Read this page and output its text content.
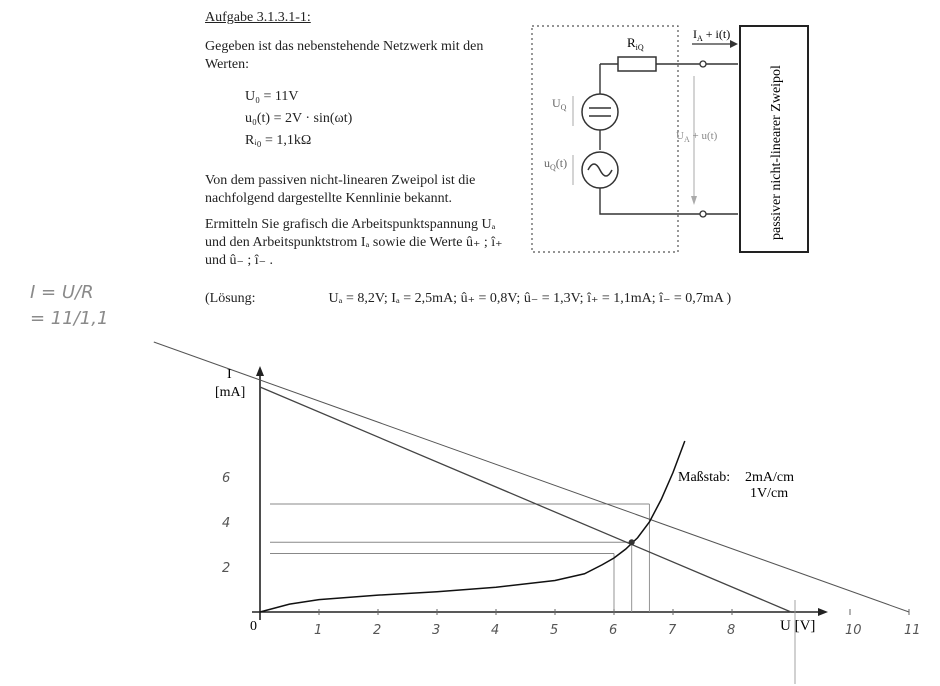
Aufgabe 3.1.3.1-1:
Gegeben ist das nebenstehende Netzwerk mit den Werten:
U₀ = 11V
u₀(t) = 2V · sin(ωt)
Rᵢ₀ = 1,1kΩ
Von dem passiven nicht-linearen Zweipol ist die nachfolgend dargestellte Kennlinie bekannt.
Ermitteln Sie grafisch die Arbeitspunktspannung Uₐ und den Arbeitspunktstrom Iₐ sowie die Werte û₊ ; î₊ und û₋ ; î₋ .
(Lösung:	Uₐ = 8,2V; Iₐ = 2,5mA; û₊ = 0,8V; û₋ = 1,3V; î₊ = 1,1mA; î₋ = 0,7mA )
I = U/R
= 11/1,1
$R_{iQ}$
$I_A + i(t)$
$U_Q$
$u_Q(t)$
$U_A + u(t)$	passiver nicht-linearer Zweipol
1	2	3	4	5	6	7	8	10	11
2
4
6
I
[mA]
0	U [V]
Maßstab: 2mA/cm
1V/cm
